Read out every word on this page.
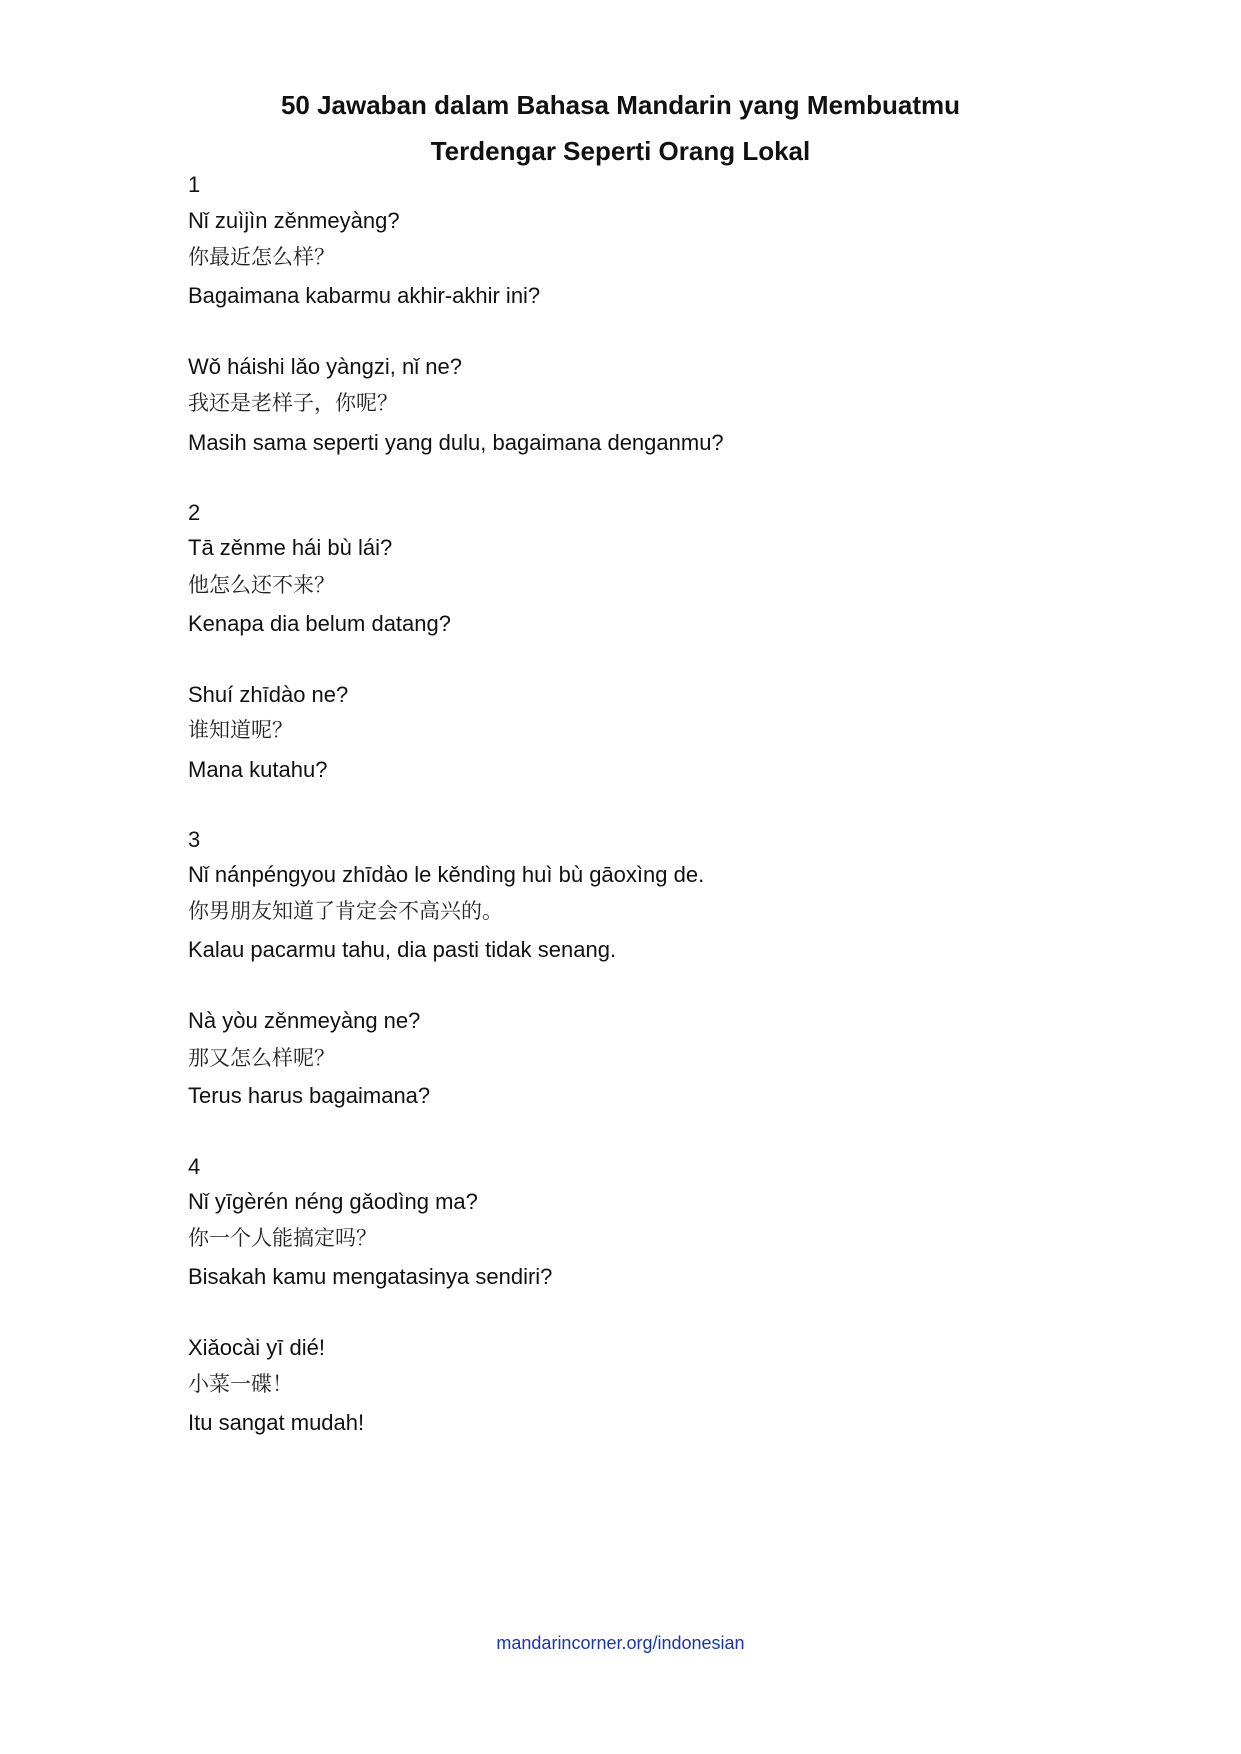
50 Jawaban dalam Bahasa Mandarin yang Membuatmu
Terdengar Seperti Orang Lokal
1
Nǐ zuìjìn zěnmeyàng?
你最近怎么样？
Bagaimana kabarmu akhir-akhir ini?
Wǒ háishi lǎo yàngzi, nǐ ne?
我还是老样子，你呢？
Masih sama seperti yang dulu, bagaimana denganmu?
2
Tā zěnme hái bù lái?
他怎么还不来？
Kenapa dia belum datang?
Shuí zhīdào ne?
谁知道呢？
Mana kutahu?
3
Nǐ nánpéngyou zhīdào le kěndìng huì bù gāoxìng de.
你男朋友知道了肯定会不高兴的。
Kalau pacarmu tahu, dia pasti tidak senang.
Nà yòu zěnmeyàng ne?
那又怎么样呢？
Terus harus bagaimana?
4
Nǐ yīgèrén néng gǎodìng ma?
你一个人能搞定吗？
Bisakah kamu mengatasinya sendiri?
Xiǎocài yī dié!
小菜一碟！
Itu sangat mudah!
mandarincorner.org/indonesian
